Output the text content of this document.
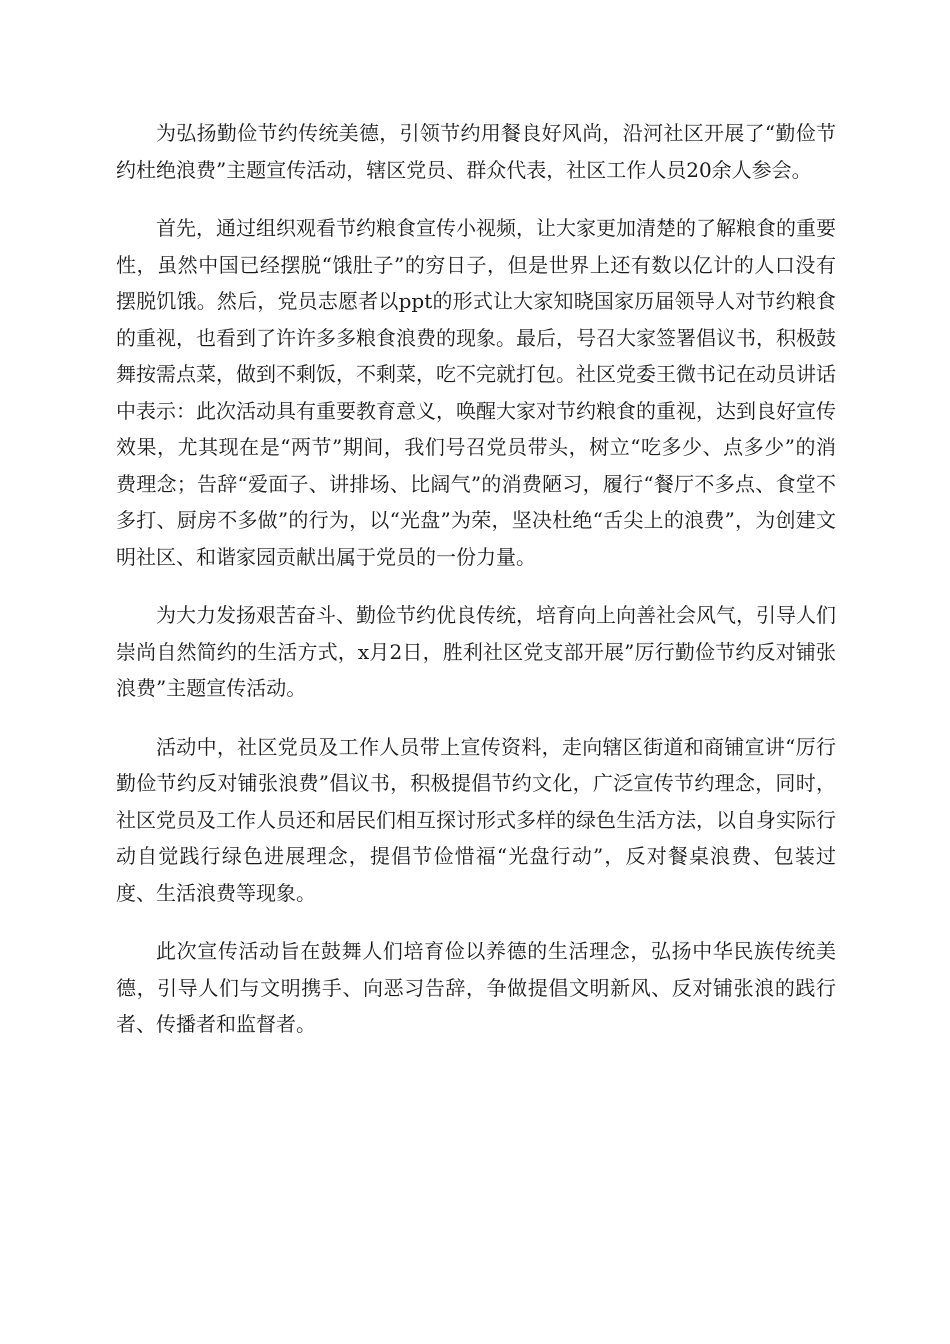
为弘扬勤俭节约传统美德，引领节约用餐良好风尚，沿河社区开展了“勤俭节约杜绝浪费”主题宣传活动，辖区党员、群众代表，社区工作人员20余人参会。

首先，通过组织观看节约粮食宣传小视频，让大家更加清楚的了解粮食的重要性，虽然中国已经摆脱“饿肚子”的穷日子，但是世界上还有数以亿计的人口没有摆脱饥饿。然后，党员志愿者以ppt的形式让大家知晓国家历届领导人对节约粮食的重视，也看到了许许多多粮食浪费的现象。最后，号召大家签署倡议书，积极鼓舞按需点菜，做到不剩饭，不剩菜，吃不完就打包。社区党委王微书记在动员讲话中表示：此次活动具有重要教育意义，唤醒大家对节约粮食的重视，达到良好宣传效果，尤其现在是“两节”期间，我们号召党员带头，树立“吃多少、点多少”的消费理念；告辞“爱面子、讲排场、比阔气”的消费陋习，履行“餐厅不多点、食堂不多打、厨房不多做”的行为，以“光盘”为荣，坚决杜绝“舌尖上的浪费”，为创建文明社区、和谐家园贡献出属于党员的一份力量。

为大力发扬艰苦奋斗、勤俭节约优良传统，培育向上向善社会风气，引导人们崇尚自然简约的生活方式，x月2日，胜利社区党支部开展”厉行勤俭节约反对铺张浪费”主题宣传活动。

活动中，社区党员及工作人员带上宣传资料，走向辖区街道和商铺宣讲“厉行勤俭节约反对铺张浪费”倡议书，积极提倡节约文化，广泛宣传节约理念，同时，社区党员及工作人员还和居民们相互探讨形式多样的绿色生活方法，以自身实际行动自觉践行绿色进展理念，提倡节俭惜福“光盘行动”，反对餐桌浪费、包装过度、生活浪费等现象。

此次宣传活动旨在鼓舞人们培育俭以养德的生活理念，弘扬中华民族传统美德，引导人们与文明携手、向恶习告辞，争做提倡文明新风、反对铺张浪的践行者、传播者和监督者。
